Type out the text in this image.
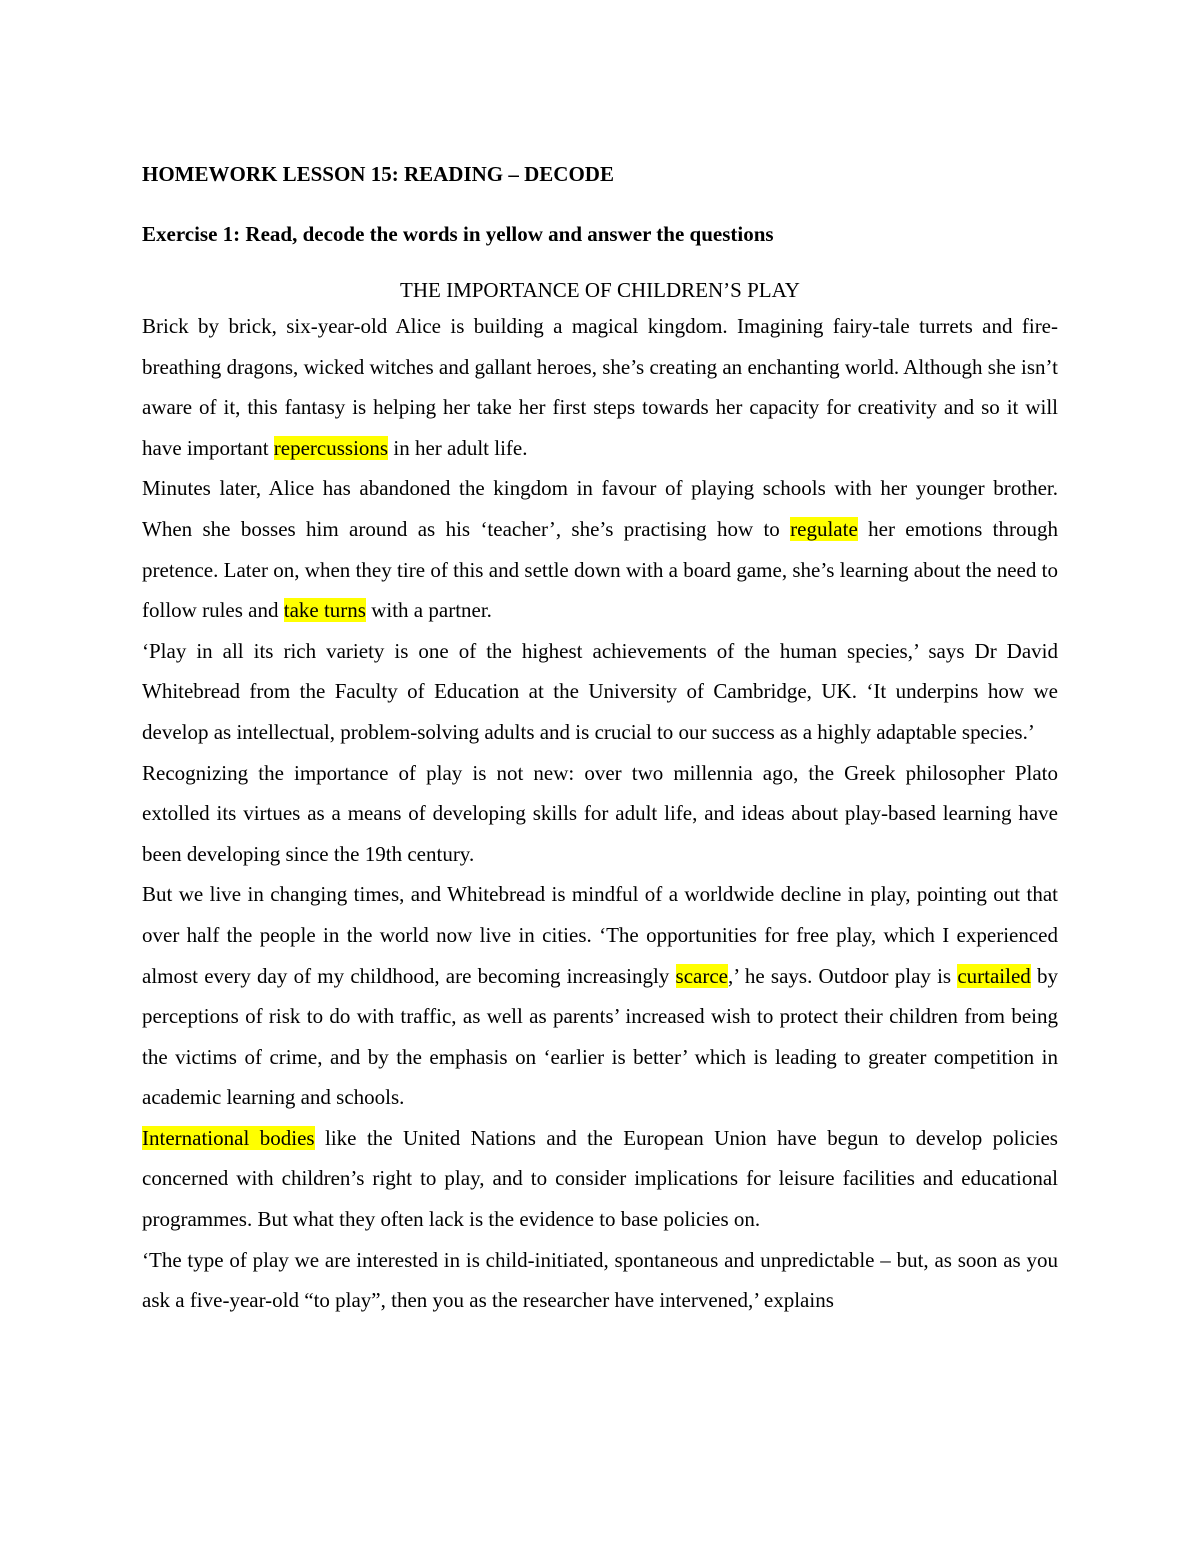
HOMEWORK LESSON 15: READING – DECODE

Exercise 1: Read, decode the words in yellow and answer the questions

THE IMPORTANCE OF CHILDREN’S PLAY

Brick by brick, six-year-old Alice is building a magical kingdom. Imagining fairy-tale turrets and fire-breathing dragons, wicked witches and gallant heroes, she’s creating an enchanting world. Although she isn’t aware of it, this fantasy is helping her take her first steps towards her capacity for creativity and so it will have important repercussions in her adult life.

Minutes later, Alice has abandoned the kingdom in favour of playing schools with her younger brother. When she bosses him around as his ‘teacher’, she’s practising how to regulate her emotions through pretence. Later on, when they tire of this and settle down with a board game, she’s learning about the need to follow rules and take turns with a partner.

‘Play in all its rich variety is one of the highest achievements of the human species,’ says Dr David Whitebread from the Faculty of Education at the University of Cambridge, UK. ‘It underpins how we develop as intellectual, problem-solving adults and is crucial to our success as a highly adaptable species.’

Recognizing the importance of play is not new: over two millennia ago, the Greek philosopher Plato extolled its virtues as a means of developing skills for adult life, and ideas about play-based learning have been developing since the 19th century.

But we live in changing times, and Whitebread is mindful of a worldwide decline in play, pointing out that over half the people in the world now live in cities. ‘The opportunities for free play, which I experienced almost every day of my childhood, are becoming increasingly scarce,’ he says. Outdoor play is curtailed by perceptions of risk to do with traffic, as well as parents’ increased wish to protect their children from being the victims of crime, and by the emphasis on ‘earlier is better’ which is leading to greater competition in academic learning and schools.

International bodies like the United Nations and the European Union have begun to develop policies concerned with children’s right to play, and to consider implications for leisure facilities and educational programmes. But what they often lack is the evidence to base policies on.

‘The type of play we are interested in is child-initiated, spontaneous and unpredictable – but, as soon as you ask a five-year-old “to play”, then you as the researcher have intervened,’ explains
